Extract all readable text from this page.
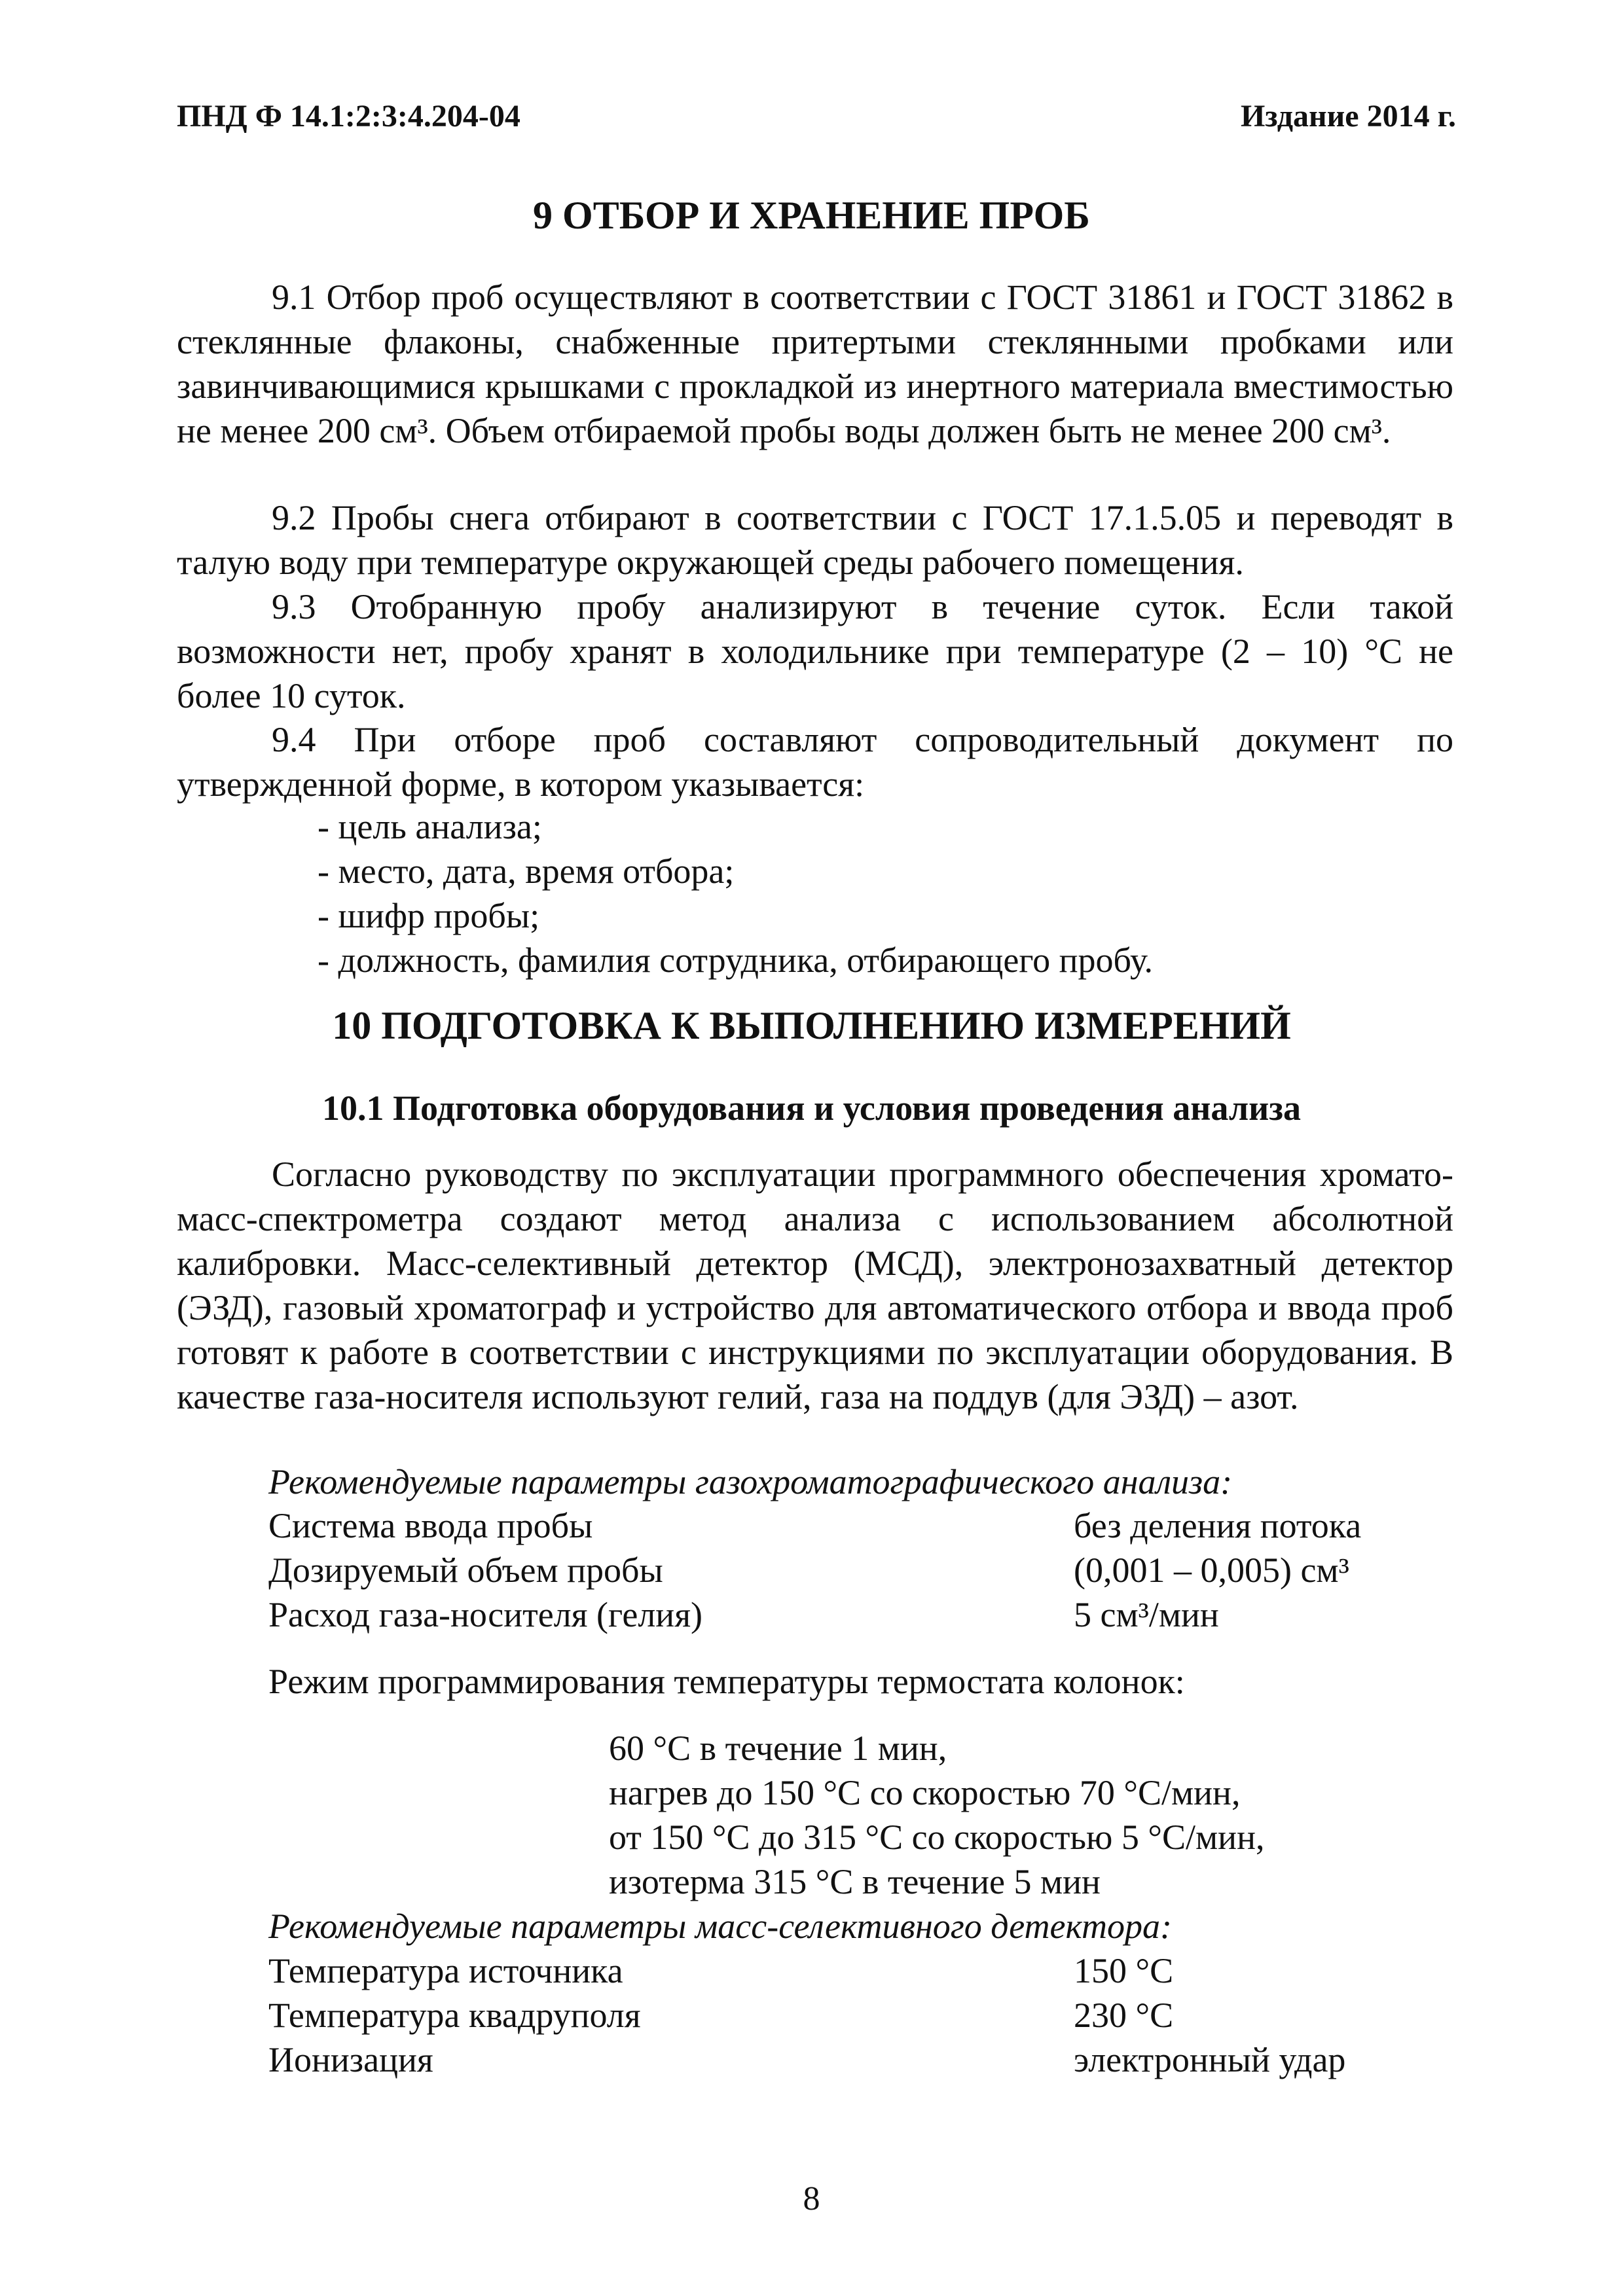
ПНД Ф 14.1:2:3:4.204-04	Издание 2014 г.
9 ОТБОР И ХРАНЕНИЕ ПРОБ
9.1 Отбор проб осуществляют в соответствии с ГОСТ 31861 и ГОСТ 31862 в стеклянные флаконы, снабженные притертыми стеклянными пробками или завинчивающимися крышками с прокладкой из инертного материала вместимостью не менее 200 см³. Объем отбираемой пробы воды должен быть не менее 200 см³.
9.2 Пробы снега отбирают в соответствии с ГОСТ 17.1.5.05 и переводят в талую воду при температуре окружающей среды рабочего помещения.
9.3 Отобранную пробу анализируют в течение суток. Если такой возможности нет, пробу хранят в холодильнике при температуре (2 – 10) °С не более 10 суток.
9.4 При отборе проб составляют сопроводительный документ по утвержденной форме, в котором указывается:
- цель анализа;
- место, дата, время отбора;
- шифр пробы;
- должность, фамилия сотрудника, отбирающего пробу.
10 ПОДГОТОВКА К ВЫПОЛНЕНИЮ ИЗМЕРЕНИЙ
10.1 Подготовка оборудования и условия проведения анализа
Согласно руководству по эксплуатации программного обеспечения хромато-масс-спектрометра создают метод анализа с использованием абсолютной калибровки. Масс-селективный детектор (МСД), электронозахватный детектор (ЭЗД), газовый хроматограф и устройство для автоматического отбора и ввода проб готовят к работе в соответствии с инструкциями по эксплуатации оборудования. В качестве газа-носителя используют гелий, газа на поддув (для ЭЗД) – азот.
Рекомендуемые параметры газохроматографического анализа:
Система ввода пробы	без деления потока
Дозируемый объем пробы	(0,001 – 0,005) см³
Расход газа-носителя (гелия)	5 см³/мин
Режим программирования температуры термостата колонок:
60 °С в течение 1 мин,
нагрев до 150 °С со скоростью 70 °С/мин,
от 150 °С до 315 °С со скоростью 5 °С/мин,
изотерма 315 °С в течение 5 мин
Рекомендуемые параметры масс-селективного детектора:
Температура источника	150 °С
Температура квадруполя	230 °С
Ионизация	электронный удар
8
